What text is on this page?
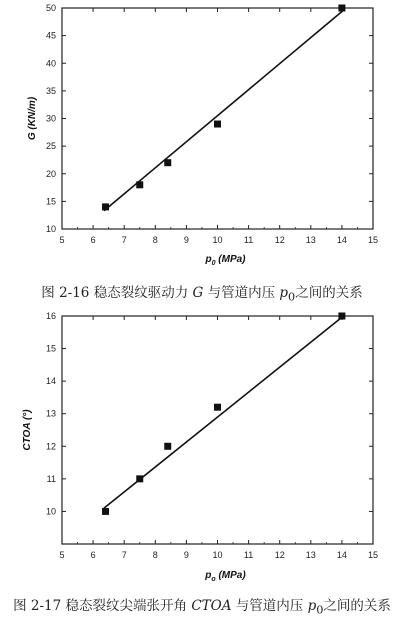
5	6	7	8	9	10 11 12 13 14 15
10
15
20
25
30
35
40
45
50
$p_0$ (MPa)
G (KN/m)
图 2-16 稳态裂纹驱动力 G 与管道内压 $p_0$之间的关系
5	6	7	8	9	10 11 12 13 14 15
10
11
12
13
14
15
16
$p_o$ (MPa)
CTOA (°)
图 2-17 稳态裂纹尖端张开角 CTOA 与管道内压 $p_0$之间的关系
